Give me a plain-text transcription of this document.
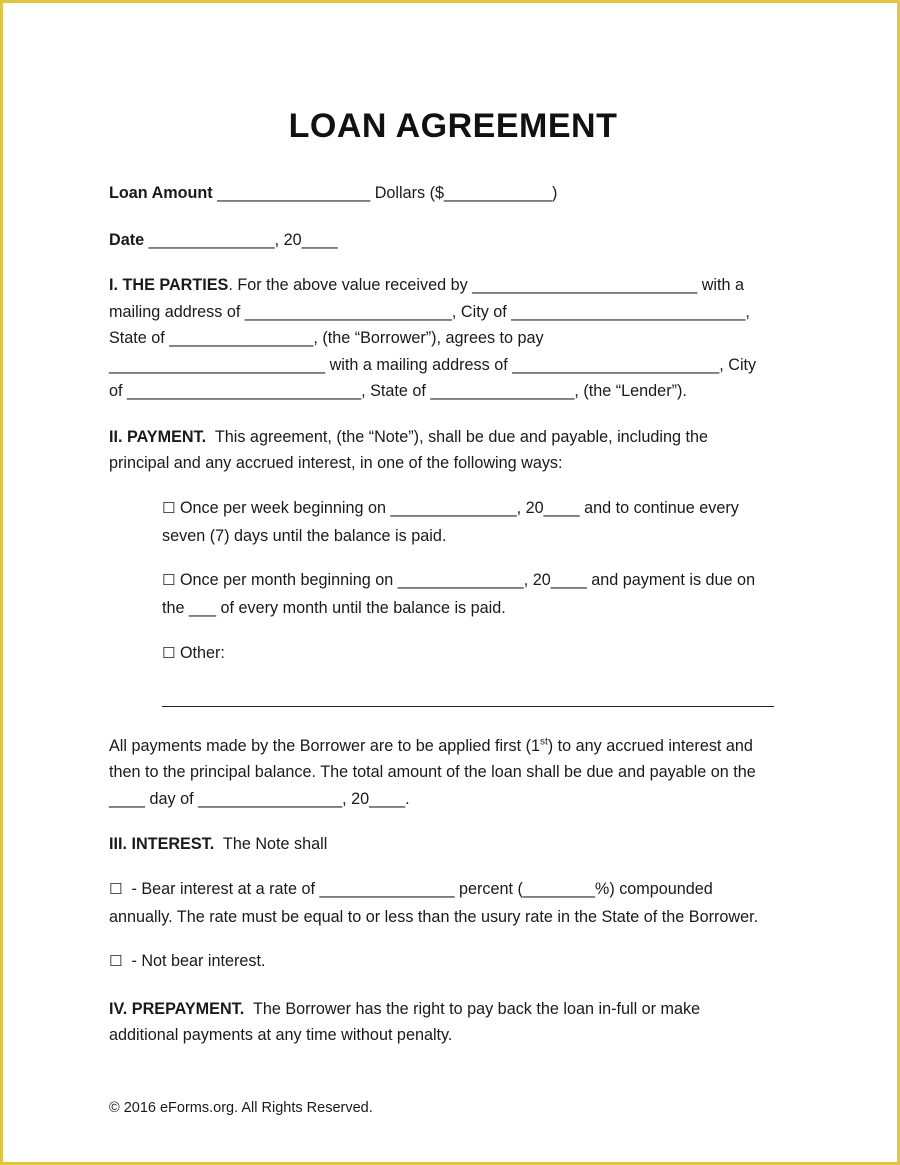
LOAN AGREEMENT

Loan Amount _________________ Dollars ($____________)

Date ______________, 20____

I. THE PARTIES. For the above value received by _________________________ with a

mailing address of _______________________, City of __________________________,

State of ________________, (the “Borrower”), agrees to pay

________________________ with a mailing address of _______________________, City

of __________________________, State of ________________, (the “Lender”).

II. PAYMENT.  This agreement, (the “Note”), shall be due and payable, including the

principal and any accrued interest, in one of the following ways:

☐ Once per week beginning on ______________, 20____ and to continue every

seven (7) days until the balance is paid.

☐ Once per month beginning on ______________, 20____ and payment is due on

the ___ of every month until the balance is paid.

☐ Other:

All payments made by the Borrower are to be applied first (1st) to any accrued interest and

then to the principal balance. The total amount of the loan shall be due and payable on the

____ day of ________________, 20____.

III. INTEREST.  The Note shall

☐  - Bear interest at a rate of _______________ percent (________%) compounded

annually. The rate must be equal to or less than the usury rate in the State of the Borrower.

☐  - Not bear interest.

IV. PREPAYMENT.  The Borrower has the right to pay back the loan in-full or make

additional payments at any time without penalty.

© 2016 eForms.org. All Rights Reserved.
